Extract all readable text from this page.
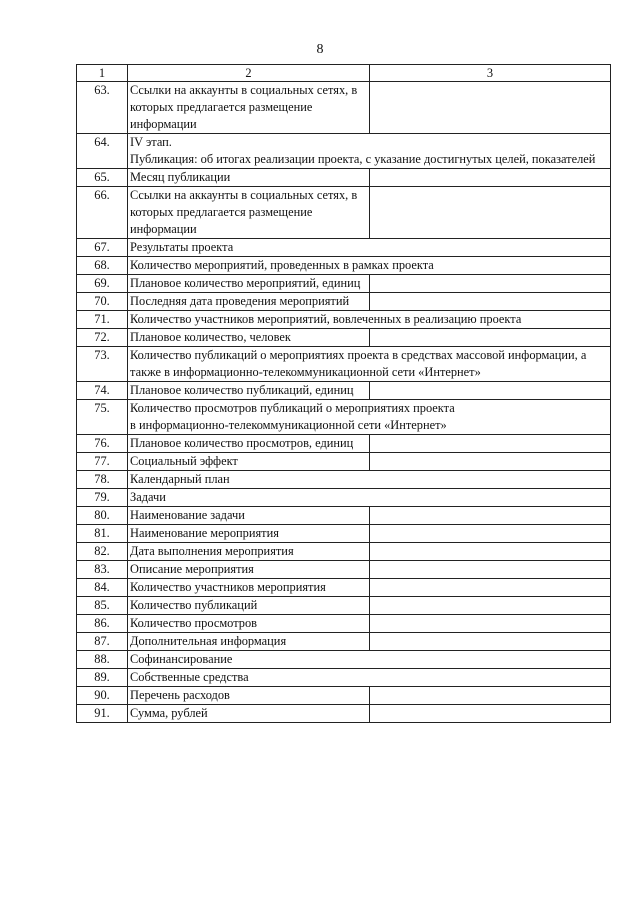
8
1	2	3
63.	Ссылки на аккаунты в социальных сетях, в которых предлагается размещение информации	
64.	IV этап.
Публикация: об итогах реализации проекта, с указание достигнутых целей, показателей	
65.	Месяц публикации	
66.	Ссылки на аккаунты в социальных сетях, в которых предлагается размещение информации	
67.	Результаты проекта	
68.	Количество мероприятий, проведенных в рамках проекта	
69.	Плановое количество мероприятий, единиц	
70.	Последняя дата проведения мероприятий	
71.	Количество участников мероприятий, вовлеченных в реализацию проекта	
72.	Плановое количество, человек	
73.	Количество публикаций о мероприятиях проекта в средствах массовой информации, а также в информационно-телекоммуникационной сети «Интернет»	
74.	Плановое количество публикаций, единиц	
75.	Количество просмотров публикаций о мероприятиях проекта
в информационно-телекоммуникационной сети «Интернет»	
76.	Плановое количество просмотров, единиц	
77.	Социальный эффект	
78.	Календарный план	
79.	Задачи	
80.	Наименование задачи	
81.	Наименование мероприятия	
82.	Дата выполнения мероприятия	
83.	Описание мероприятия	
84.	Количество участников мероприятия	
85.	Количество публикаций	
86.	Количество просмотров	
87.	Дополнительная информация	
88.	Софинансирование	
89.	Собственные средства	
90.	Перечень расходов	
91.	Сумма, рублей	
